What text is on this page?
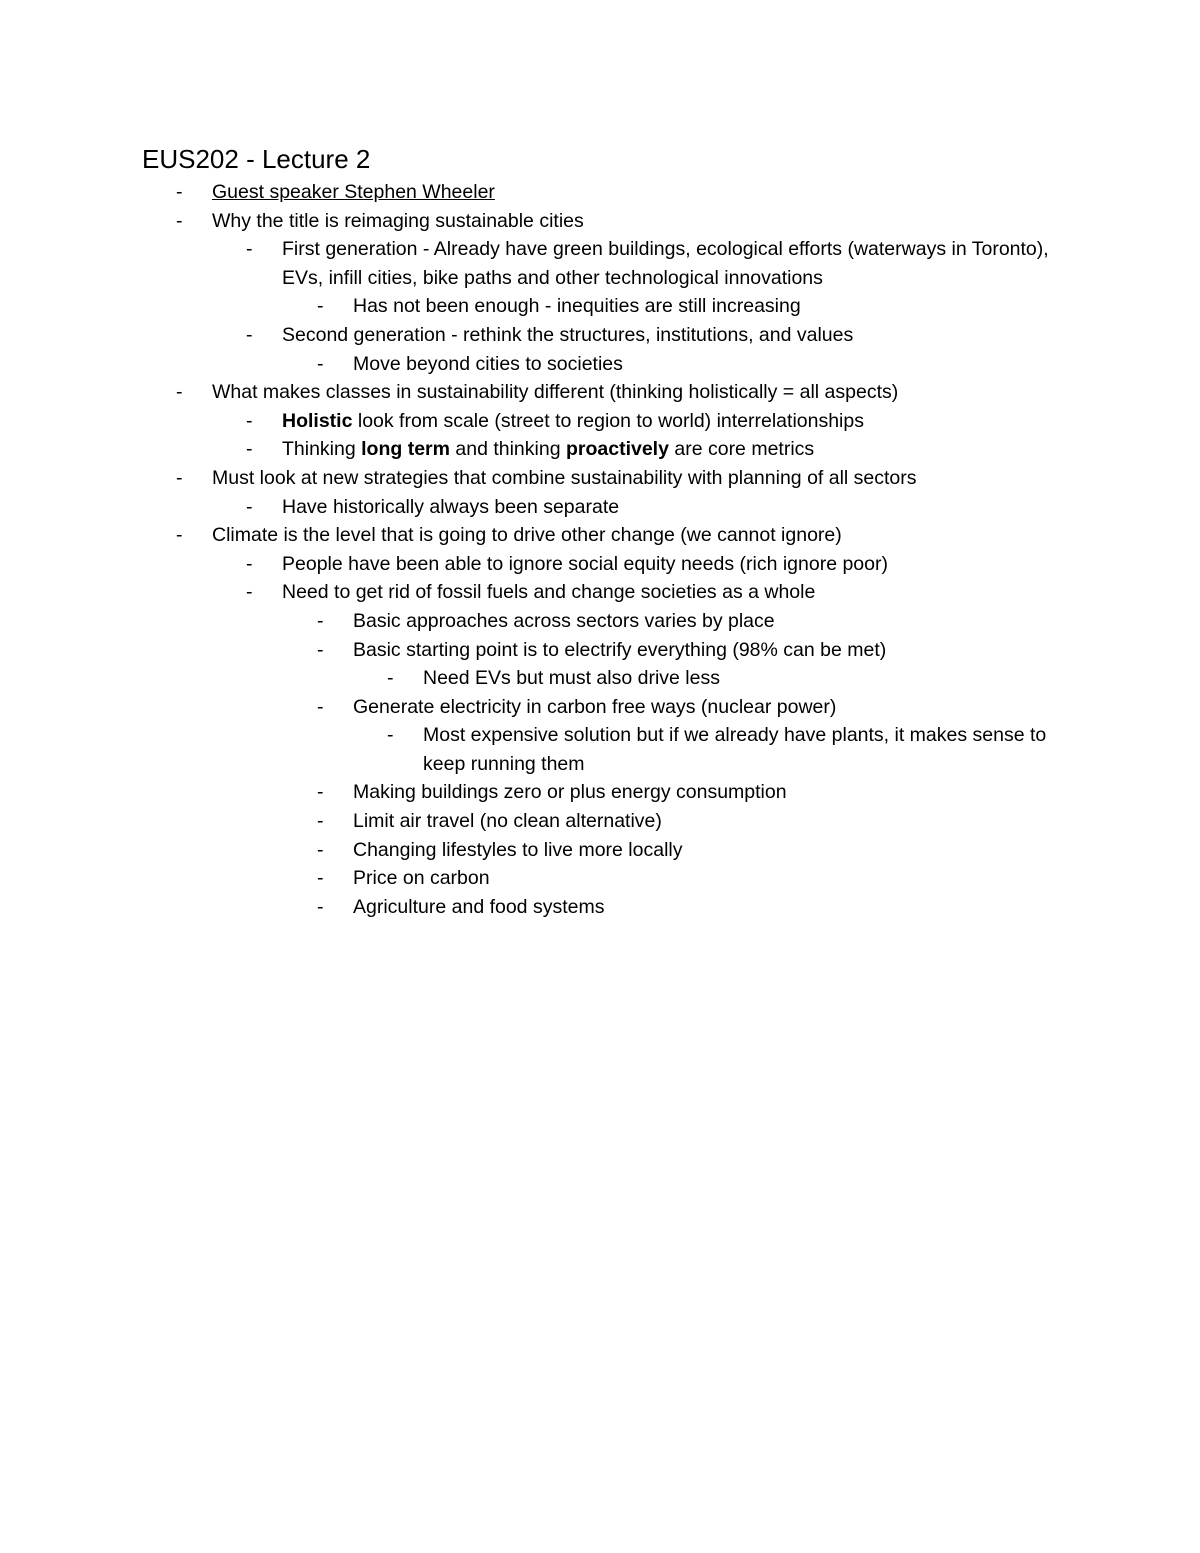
EUS202 - Lecture 2
- Guest speaker Stephen Wheeler
- Why the title is reimaging sustainable cities
- First generation - Already have green buildings, ecological efforts (waterways in Toronto), EVs, infill cities, bike paths and other technological innovations
- Has not been enough - inequities are still increasing
- Second generation - rethink the structures, institutions, and values
- Move beyond cities to societies
- What makes classes in sustainability different (thinking holistically = all aspects)
- Holistic look from scale (street to region to world) interrelationships
- Thinking long term and thinking proactively are core metrics
- Must look at new strategies that combine sustainability with planning of all sectors
- Have historically always been separate
- Climate is the level that is going to drive other change (we cannot ignore)
- People have been able to ignore social equity needs (rich ignore poor)
- Need to get rid of fossil fuels and change societies as a whole
- Basic approaches across sectors varies by place
- Basic starting point is to electrify everything (98% can be met)
- Need EVs but must also drive less
- Generate electricity in carbon free ways (nuclear power)
- Most expensive solution but if we already have plants, it makes sense to keep running them
- Making buildings zero or plus energy consumption
- Limit air travel (no clean alternative)
- Changing lifestyles to live more locally
- Price on carbon
- Agriculture and food systems
